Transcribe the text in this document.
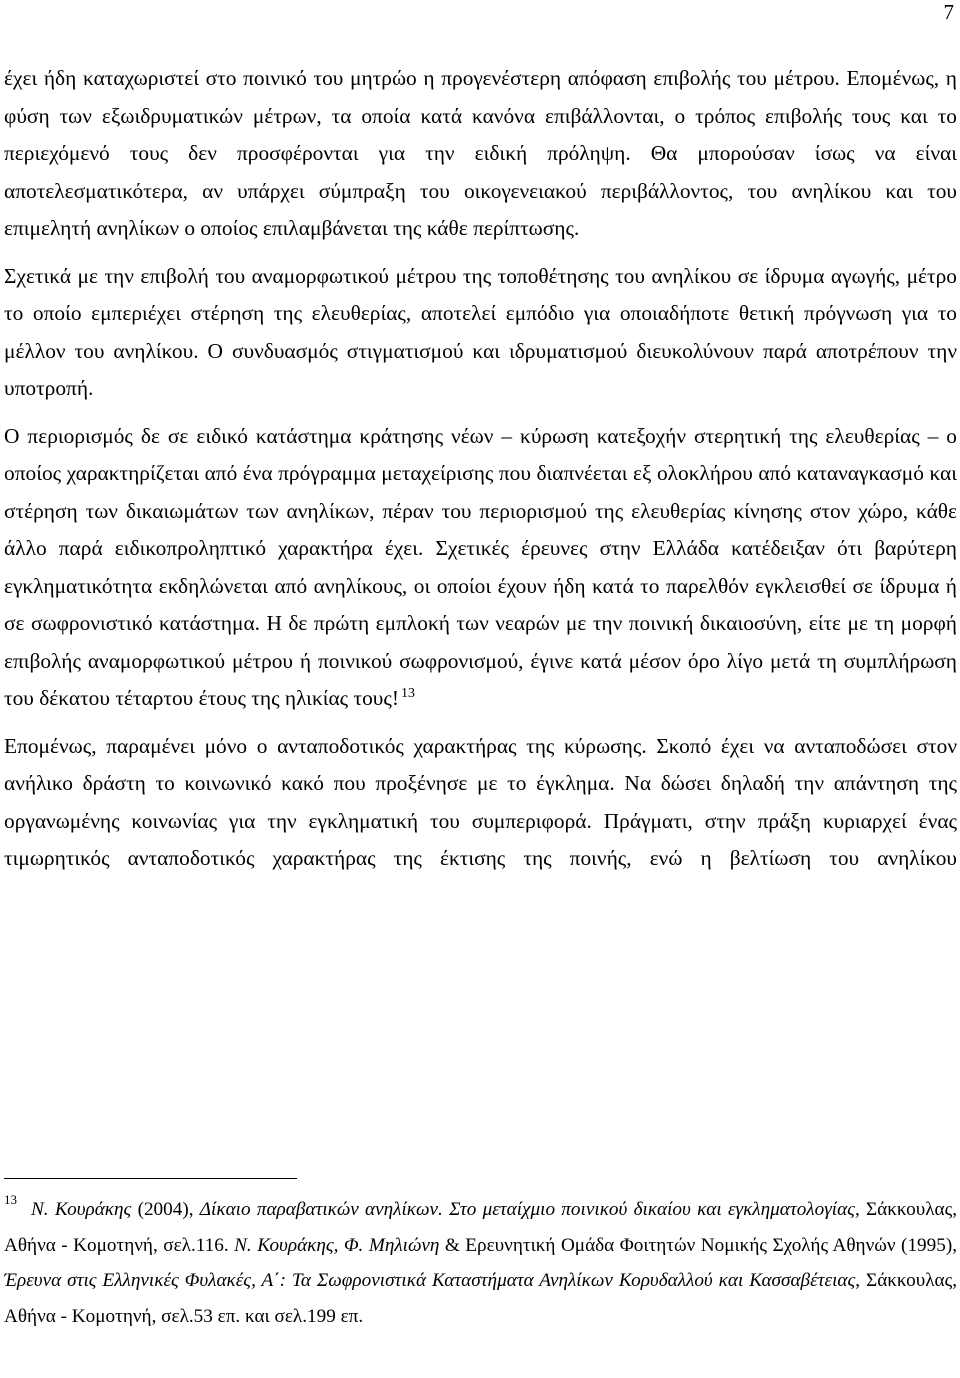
7

έχει ήδη καταχωριστεί στο ποινικό του μητρώο η προγενέστερη απόφαση επιβολής του μέτρου. Επομένως, η φύση των εξωιδρυματικών μέτρων, τα οποία κατά κανόνα επιβάλλονται, ο τρόπος επιβολής τους και το περιεχόμενό τους δεν προσφέρονται για την ειδική πρόληψη. Θα μπορούσαν ίσως να είναι αποτελεσματικότερα, αν υπάρχει σύμπραξη του οικογενειακού περιβάλλοντος, του ανηλίκου και του επιμελητή ανηλίκων ο οποίος επιλαμβάνεται της κάθε περίπτωσης.

Σχετικά με την επιβολή του αναμορφωτικού μέτρου της τοποθέτησης του ανηλίκου σε ίδρυμα αγωγής, μέτρο το οποίο εμπεριέχει στέρηση της ελευθερίας, αποτελεί εμπόδιο για οποιαδήποτε θετική πρόγνωση για το μέλλον του ανηλίκου. Ο συνδυασμός στιγματισμού και ιδρυματισμού διευκολύνουν παρά αποτρέπουν την υποτροπή.

Ο περιορισμός δε σε ειδικό κατάστημα κράτησης νέων – κύρωση κατεξοχήν στερητική της ελευθερίας – ο οποίος χαρακτηρίζεται από ένα πρόγραμμα μεταχείρισης που διαπνέεται εξ ολοκλήρου από καταναγκασμό και στέρηση των δικαιωμάτων των ανηλίκων, πέραν του περιορισμού της ελευθερίας κίνησης στον χώρο, κάθε άλλο παρά ειδικοπροληπτικό χαρακτήρα έχει. Σχετικές έρευνες στην Ελλάδα κατέδειξαν ότι βαρύτερη εγκληματικότητα εκδηλώνεται από ανηλίκους, οι οποίοι έχουν ήδη κατά το παρελθόν εγκλεισθεί σε ίδρυμα ή σε σωφρονιστικό κατάστημα. Η δε πρώτη εμπλοκή των νεαρών με την ποινική δικαιοσύνη, είτε με τη μορφή επιβολής αναμορφωτικού μέτρου ή ποινικού σωφρονισμού, έγινε κατά μέσον όρο λίγο μετά τη συμπλήρωση του δέκατου τέταρτου έτους της ηλικίας τους! $^{13}$

Επομένως, παραμένει μόνο ο ανταποδοτικός χαρακτήρας της κύρωσης. Σκοπό έχει να ανταποδώσει στον ανήλικο δράστη το κοινωνικό κακό που προξένησε με το έγκλημα. Να δώσει δηλαδή την απάντηση της οργανωμένης κοινωνίας για την εγκληματική του συμπεριφορά. Πράγματι, στην πράξη κυριαρχεί ένας τιμωρητικός ανταποδοτικός χαρακτήρας της έκτισης της ποινής, ενώ η βελτίωση του ανηλίκου

$^{13}$ Ν. Κουράκης (2004), Δίκαιο παραβατικών ανηλίκων. Στο μεταίχμιο ποινικού δικαίου και εγκληματολογίας, Σάκκουλας, Αθήνα - Κομοτηνή, σελ.116. Ν. Κουράκης, Φ. Μηλιώνη & Ερευνητική Ομάδα Φοιτητών Νομικής Σχολής Αθηνών (1995), Έρευνα στις Ελληνικές Φυλακές, Α΄: Τα Σωφρονιστικά Καταστήματα Ανηλίκων Κορυδαλλού και Κασσαβέτειας, Σάκκουλας, Αθήνα - Κομοτηνή, σελ.53 επ. και σελ.199 επ.
